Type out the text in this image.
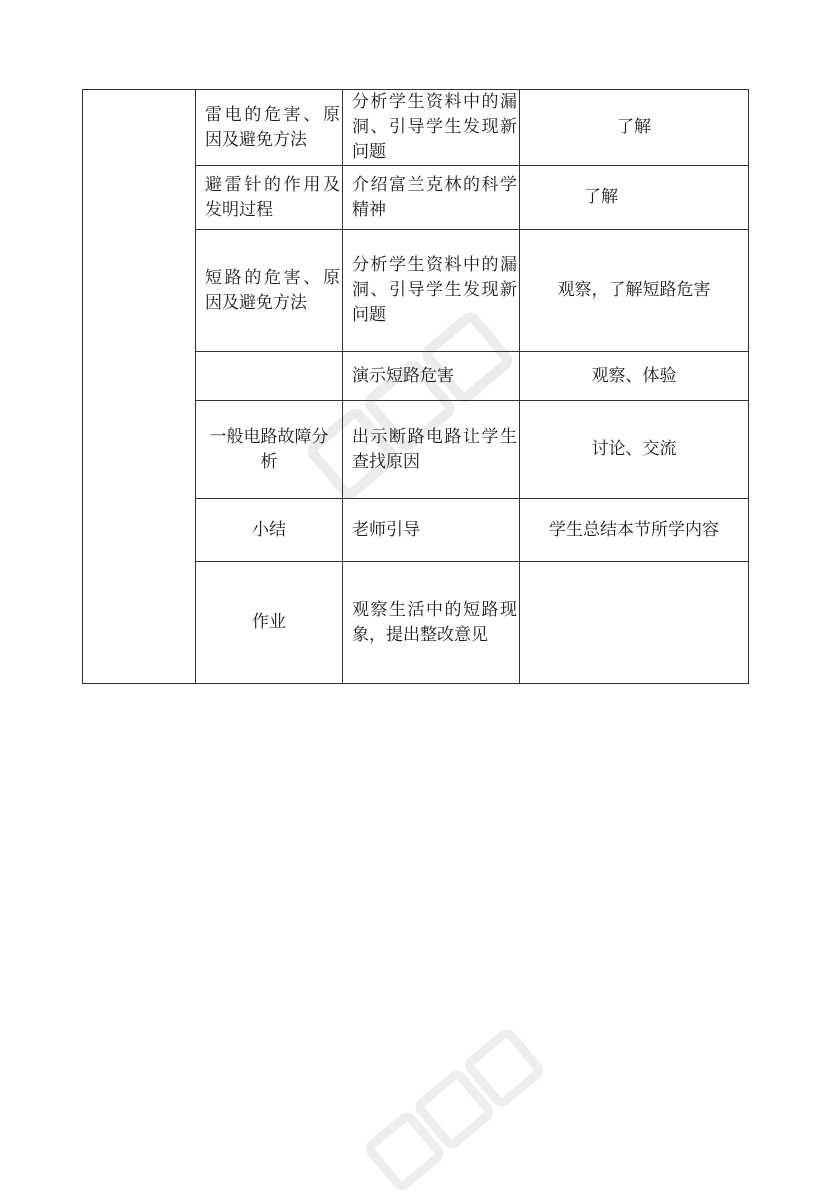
	雷电的危害、原因及避免方法	分析学生资料中的漏洞、引导学生发现新问题	了解
	避雷针的作用及发明过程	介绍富兰克林的科学精神	了解
	短路的危害、原因及避免方法	分析学生资料中的漏洞、引导学生发现新问题	观察，了解短路危害
		演示短路危害	观察、体验
	一般电路故障分析	出示断路电路让学生查找原因	讨论、交流
	小结	老师引导	学生总结本节所学内容
	作业	观察生活中的短路现象，提出整改意见	
